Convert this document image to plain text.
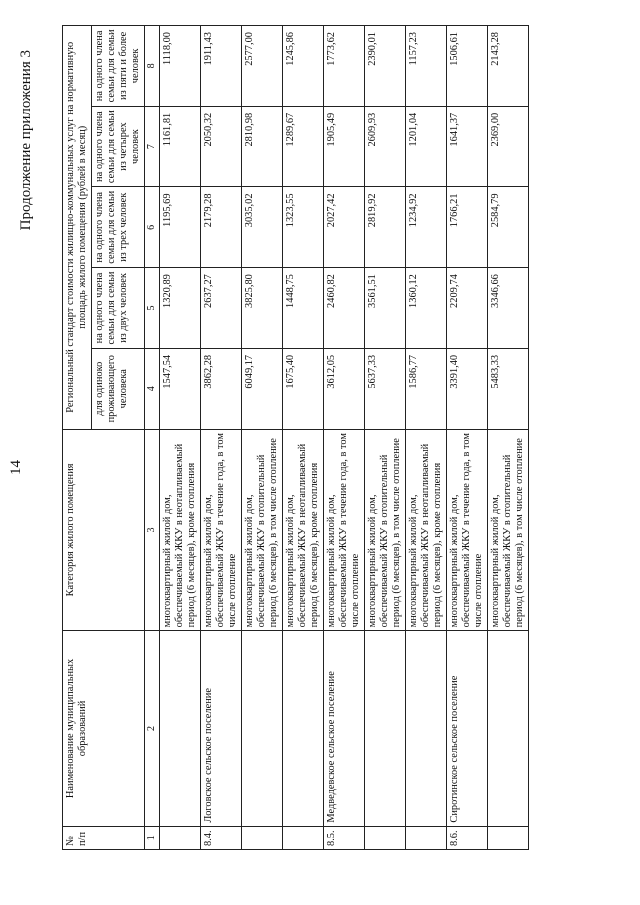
14
Продолжение приложения 3
№ п/п	Наименование муниципальных образований	Категория жилого помещения	Региональный стандарт стоимости жилищно-коммунальных услуг на нормативную площадь жилого помещения (рублей в месяц)				
			для одиноко проживающего человека	на одного члена семьи для семьи из двух человек	на одного члена семьи для семьи из трех человек	на одного члена семьи для семьи из четырех человек	на одного члена семьи для семьи из пяти и более человек
1	2	3	4	5	6	7	8
		многоквартирный жилой дом, обеспечиваемый ЖКУ в неотапливаемый период (6 месяцев), кроме отопления	1547,54	1320,89	1195,69	1161,81	1118,00
8.4.	Логовское сельское поселение	многоквартирный жилой дом, обеспечиваемый ЖКУ в течение года, в том числе отопление	3862,28	2637,27	2179,28	2050,32	1911,43
		многоквартирный жилой дом, обеспечиваемый ЖКУ в отопительный период (6 месяцев), в том числе отопление	6049,17	3825,80	3035,02	2810,98	2577,00
		многоквартирный жилой дом, обеспечиваемый ЖКУ в неотапливаемый период (6 месяцев), кроме отопления	1675,40	1448,75	1323,55	1289,67	1245,86
8.5.	Медведевское сельское поселение	многоквартирный жилой дом, обеспечиваемый ЖКУ в течение года, в том числе отопление	3612,05	2460,82	2027,42	1905,49	1773,62
		многоквартирный жилой дом, обеспечиваемый ЖКУ в отопительный период (6 месяцев), в том числе отопление	5637,33	3561,51	2819,92	2609,93	2390,01
		многоквартирный жилой дом, обеспечиваемый ЖКУ в неотапливаемый период (6 месяцев), кроме отопления	1586,77	1360,12	1234,92	1201,04	1157,23
8.6.	Сиротинское сельское поселение	многоквартирный жилой дом, обеспечиваемый ЖКУ в течение года, в том числе отопление	3391,40	2209,74	1766,21	1641,37	1506,61
		многоквартирный жилой дом, обеспечиваемый ЖКУ в отопительный период (6 месяцев), в том числе отопление	5483,33	3346,66	2584,79	2369,00	2143,28
